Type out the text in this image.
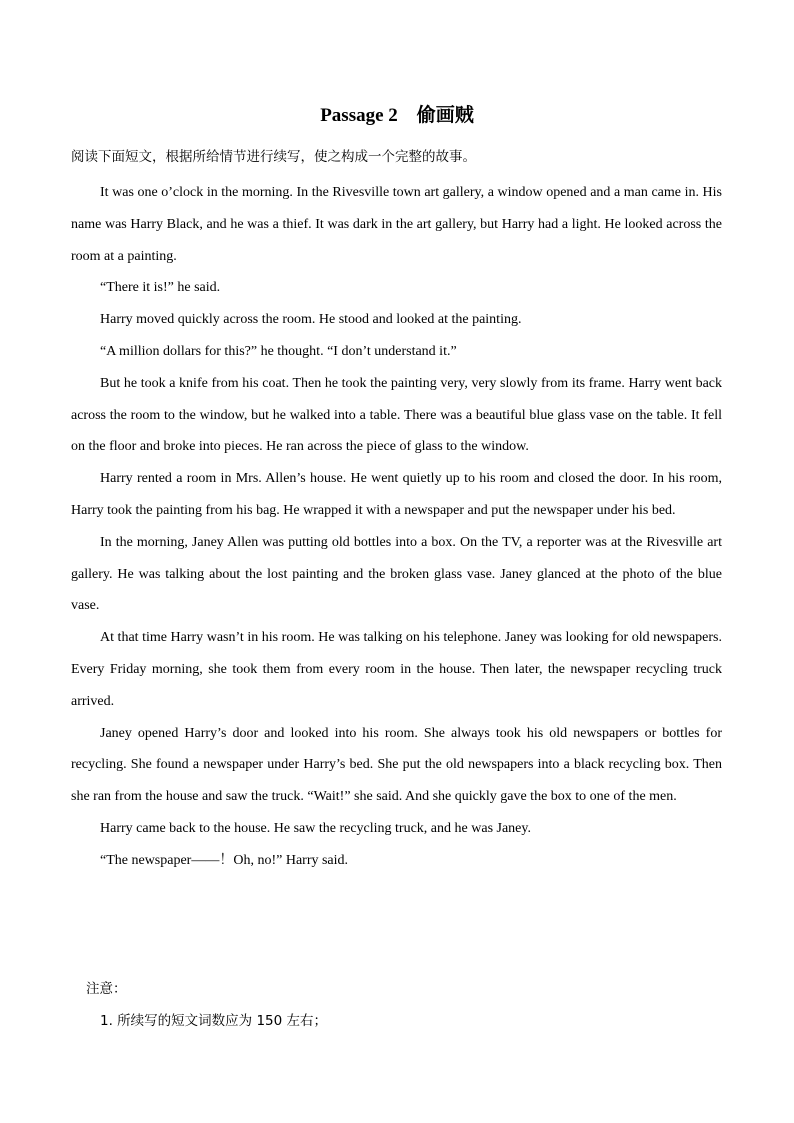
Passage 2　偷画贼
阅读下面短文，根据所给情节进行续写，使之构成一个完整的故事。

It was one o’clock in the morning. In the Rivesville town art gallery, a window opened and a man came in. His name was Harry Black, and he was a thief. It was dark in the art gallery, but Harry had a light. He looked across the room at a painting.

“There it is!” he said.

Harry moved quickly across the room. He stood and looked at the painting.

“A million dollars for this?” he thought. “I don’t understand it.”

But he took a knife from his coat. Then he took the painting very, very slowly from its frame. Harry went back across the room to the window, but he walked into a table. There was a beautiful blue glass vase on the table. It fell on the floor and broke into pieces. He ran across the piece of glass to the window.

Harry rented a room in Mrs. Allen’s house. He went quietly up to his room and closed the door. In his room, Harry took the painting from his bag. He wrapped it with a newspaper and put the newspaper under his bed.

In the morning, Janey Allen was putting old bottles into a box. On the TV, a reporter was at the Rivesville art gallery. He was talking about the lost painting and the broken glass vase. Janey glanced at the photo of the blue vase.

At that time Harry wasn’t in his room. He was talking on his telephone. Janey was looking for old newspapers. Every Friday morning, she took them from every room in the house. Then later, the newspaper recycling truck arrived.

Janey opened Harry’s door and looked into his room. She always took his old newspapers or bottles for recycling. She found a newspaper under Harry’s bed. She put the old newspapers into a black recycling box. Then she ran from the house and saw the truck. “Wait!” she said. And she quickly gave the box to one of the men.

Harry came back to the house. He saw the recycling truck, and he was Janey.

“The newspaper——！Oh, no!” Harry said.

注意：
1. 所续写的短文词数应为 150 左右；
